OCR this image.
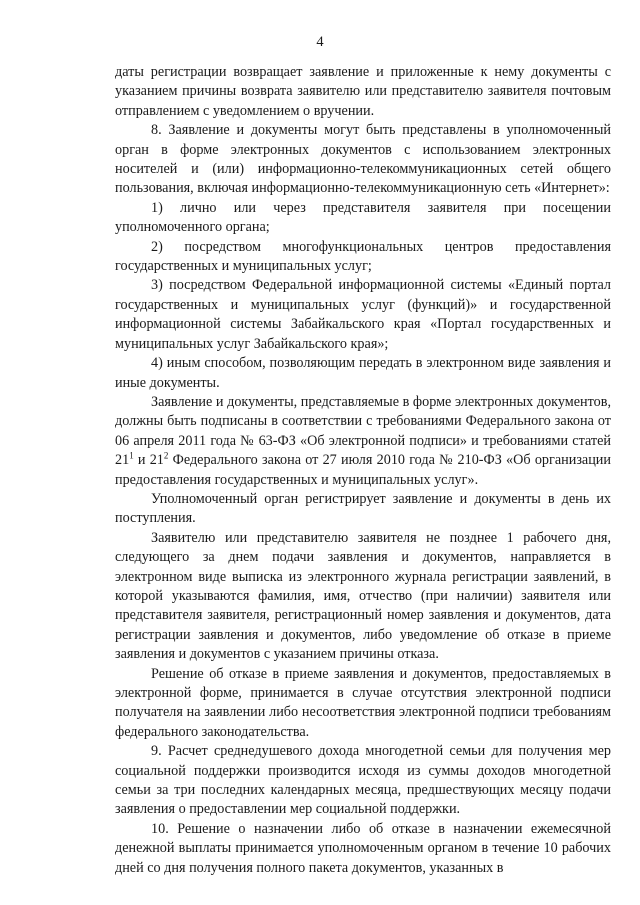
4

даты регистрации возвращает заявление и приложенные к нему документы с указанием причины возврата заявителю или представителю заявителя почтовым отправлением с уведомлением о вручении.

8. Заявление и документы могут быть представлены в уполномоченный орган в форме электронных документов с использованием электронных носителей и (или) информационно-телекоммуникационных сетей общего пользования, включая информационно-телекоммуникационную сеть «Интернет»:

1) лично или через представителя заявителя при посещении уполномоченного органа;

2) посредством многофункциональных центров предоставления государственных и муниципальных услуг;

3) посредством Федеральной информационной системы «Единый портал государственных и муниципальных услуг (функций)» и государственной информационной системы Забайкальского края «Портал государственных и муниципальных услуг Забайкальского края»;

4) иным способом, позволяющим передать в электронном виде заявления и иные документы.

Заявление и документы, представляемые в форме электронных документов, должны быть подписаны в соответствии с требованиями Федерального закона от 06 апреля 2011 года № 63-ФЗ «Об электронной подписи» и требованиями статей $21^1$ и $21^2$ Федерального закона от 27 июля 2010 года № 210-ФЗ «Об организации предоставления государственных и муниципальных услуг».

Уполномоченный орган регистрирует заявление и документы в день их поступления.

Заявителю или представителю заявителя не позднее 1 рабочего дня, следующего за днем подачи заявления и документов, направляется в электронном виде выписка из электронного журнала регистрации заявлений, в которой указываются фамилия, имя, отчество (при наличии) заявителя или представителя заявителя, регистрационный номер заявления и документов, дата регистрации заявления и документов, либо уведомление об отказе в приеме заявления и документов с указанием причины отказа.

Решение об отказе в приеме заявления и документов, предоставляемых в электронной форме, принимается в случае отсутствия электронной подписи получателя на заявлении либо несоответствия электронной подписи требованиям федерального законодательства.

9. Расчет среднедушевого дохода многодетной семьи для получения мер социальной поддержки производится исходя из суммы доходов многодетной семьи за три последних календарных месяца, предшествующих месяцу подачи заявления о предоставлении мер социальной поддержки.

10. Решение о назначении либо об отказе в назначении ежемесячной денежной выплаты принимается уполномоченным органом в течение 10 рабочих дней со дня получения полного пакета документов, указанных в
